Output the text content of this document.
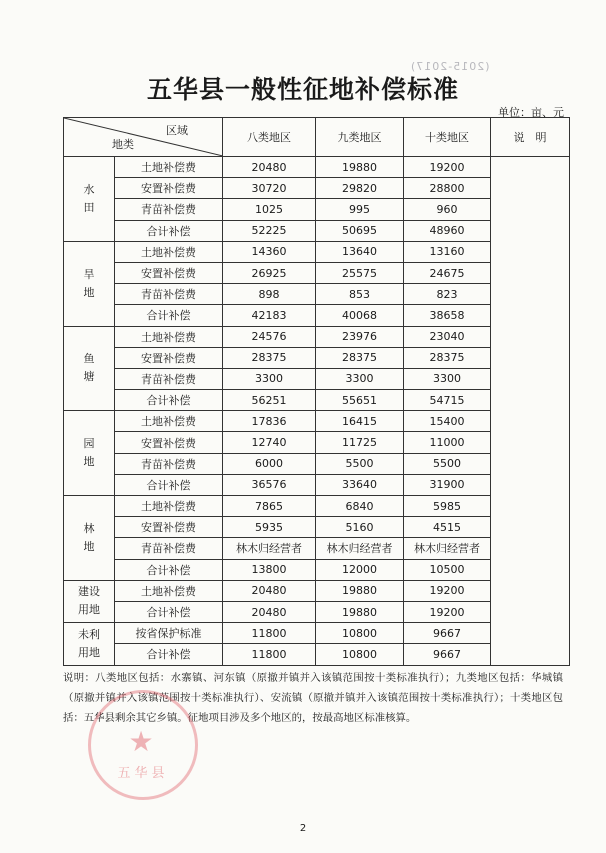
(2015-2017)
五华县一般性征地补偿标准
单位：亩、元
区域
地类		八类地区	九类地区	十类地区	说　明
水
田	土地补偿费	20480	19880	19200	
	安置补偿费	30720	29820	28800	
	青苗补偿费	1025	995	960	
	合计补偿	52225	50695	48960	
旱
地	土地补偿费	14360	13640	13160	
	安置补偿费	26925	25575	24675	
	青苗补偿费	898	853	823	
	合计补偿	42183	40068	38658	
鱼
塘	土地补偿费	24576	23976	23040	
	安置补偿费	28375	28375	28375	
	青苗补偿费	3300	3300	3300	
	合计补偿	56251	55651	54715	
园
地	土地补偿费	17836	16415	15400	
	安置补偿费	12740	11725	11000	
	青苗补偿费	6000	5500	5500	
	合计补偿	36576	33640	31900	
林
地	土地补偿费	7865	6840	5985	
	安置补偿费	5935	5160	4515	
	青苗补偿费	林木归经营者	林木归经营者	林木归经营者	
	合计补偿	13800	12000	10500	
建设
用地	土地补偿费	20480	19880	19200	
	合计补偿	20480	19880	19200	
未利
用地	按省保护标准	11800	10800	9667	
	合计补偿	11800	10800	9667	
说明：八类地区包括：水寨镇、河东镇（原撤并镇并入该镇范围按十类标准执行）；九类地区包括：华城镇（原撤并镇并入该镇范围按十类标准执行）、安流镇（原撤并镇并入该镇范围按十类标准执行）；十类地区包括：五华县剩余其它乡镇。征地项目涉及多个地区的，按最高地区标准核算。
★
五华县
2
